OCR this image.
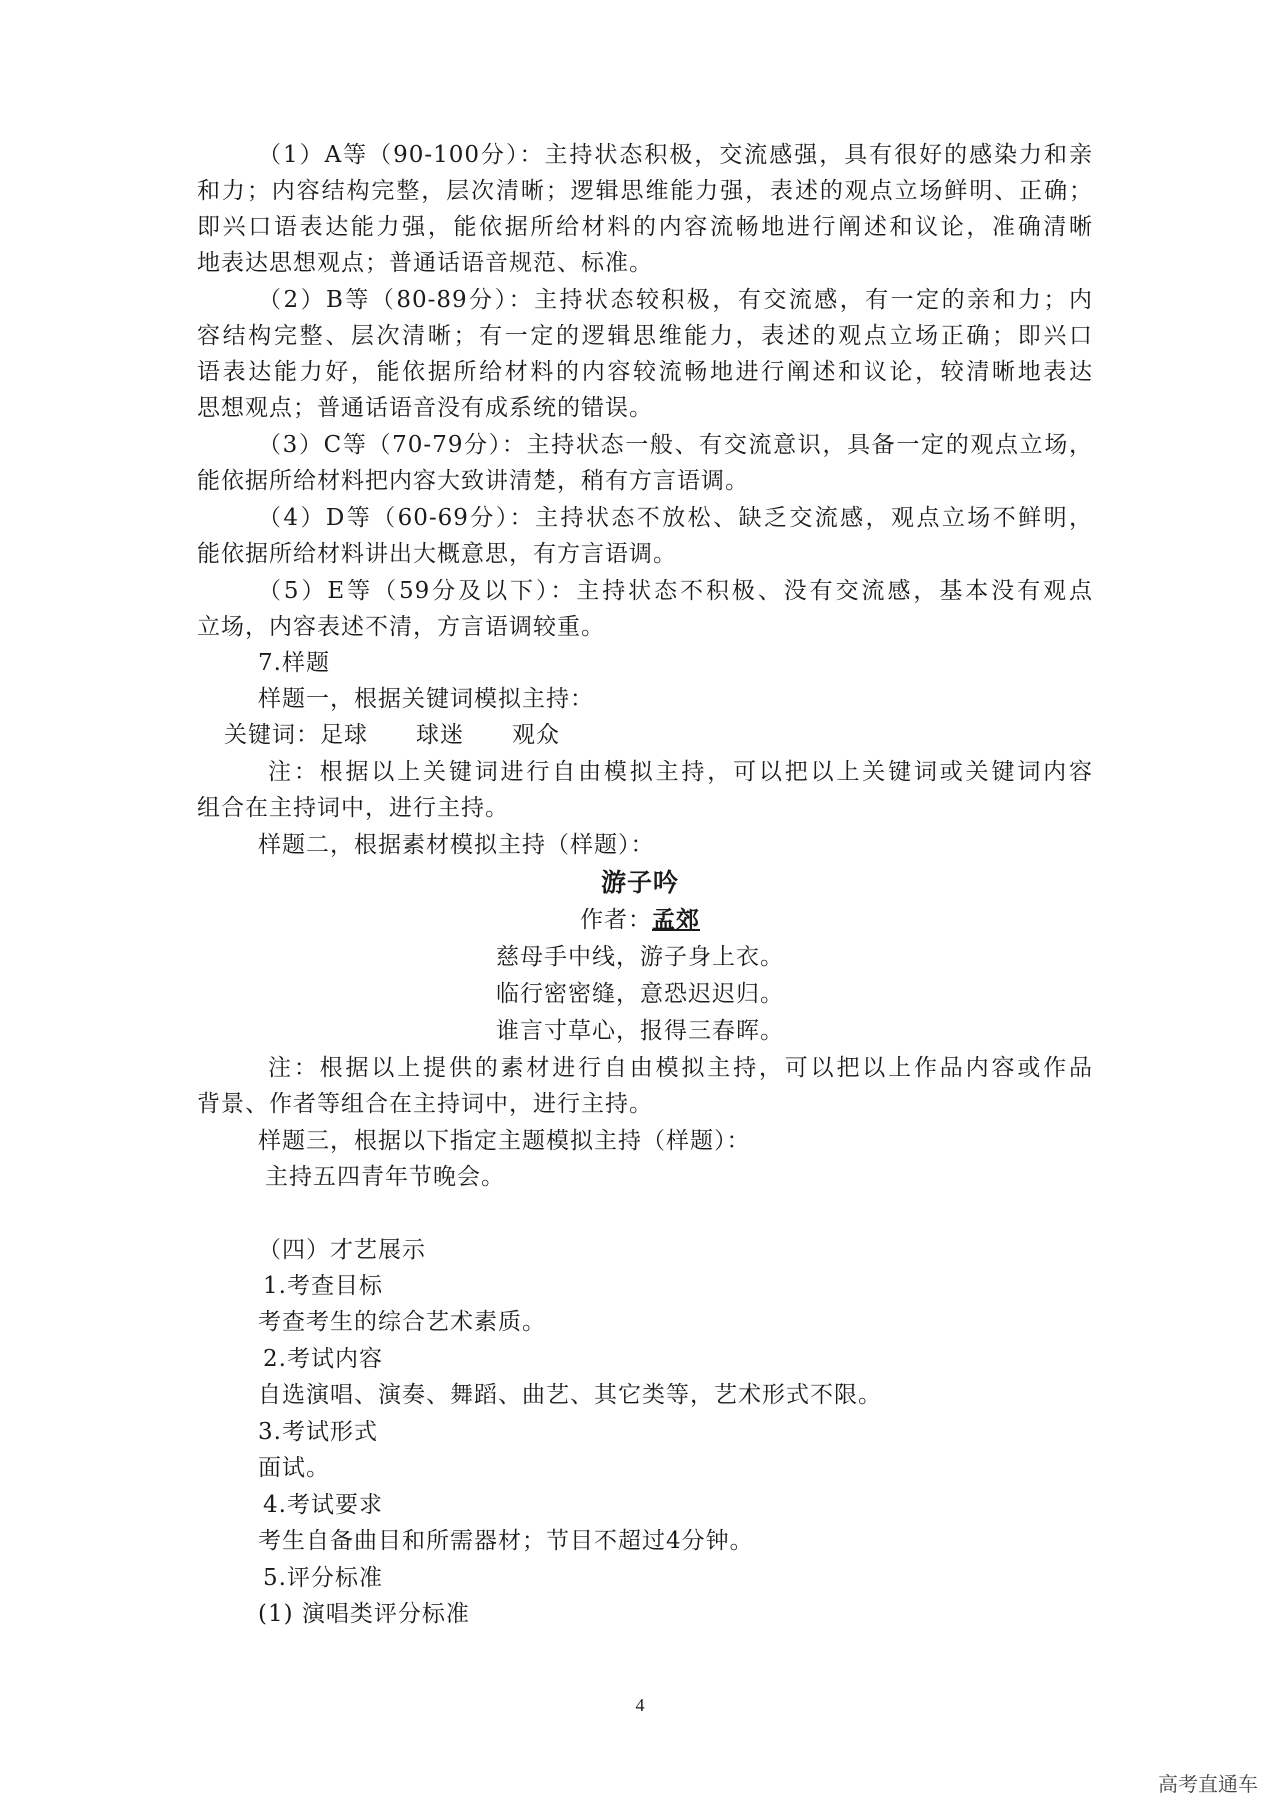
（1）A等（90-100分）：主持状态积极，交流感强，具有很好的感染力和亲
和力；内容结构完整，层次清晰；逻辑思维能力强，表述的观点立场鲜明、正确；
即兴口语表达能力强，能依据所给材料的内容流畅地进行阐述和议论，准确清晰
地表达思想观点；普通话语音规范、标准。
（2）B等（80-89分）：主持状态较积极，有交流感，有一定的亲和力；内
容结构完整、层次清晰；有一定的逻辑思维能力，表述的观点立场正确；即兴口
语表达能力好，能依据所给材料的内容较流畅地进行阐述和议论，较清晰地表达
思想观点；普通话语音没有成系统的错误。
（3）C等（70-79分）：主持状态一般、有交流意识，具备一定的观点立场，
能依据所给材料把内容大致讲清楚，稍有方言语调。
（4）D等（60-69分）：主持状态不放松、缺乏交流感，观点立场不鲜明，
能依据所给材料讲出大概意思，有方言语调。
（5）E等（59分及以下）：主持状态不积极、没有交流感，基本没有观点
立场，内容表述不清，方言语调较重。
7.样题
样题一，根据关键词模拟主持：
关键词：足球　　球迷　　观众
注：根据以上关键词进行自由模拟主持，可以把以上关键词或关键词内容
组合在主持词中，进行主持。
样题二，根据素材模拟主持（样题）：
游子吟
作者：孟郊
慈母手中线，游子身上衣。
临行密密缝，意恐迟迟归。
谁言寸草心，报得三春晖。
注：根据以上提供的素材进行自由模拟主持，可以把以上作品内容或作品
背景、作者等组合在主持词中，进行主持。
样题三，根据以下指定主题模拟主持（样题）：
主持五四青年节晚会。
（四）才艺展示
1.考查目标
考查考生的综合艺术素质。
2.考试内容
自选演唱、演奏、舞蹈、曲艺、其它类等，艺术形式不限。
3.考试形式
面试。
4.考试要求
考生自备曲目和所需器材；节目不超过4分钟。
5.评分标准
(1) 演唱类评分标准
4
高考直通车
